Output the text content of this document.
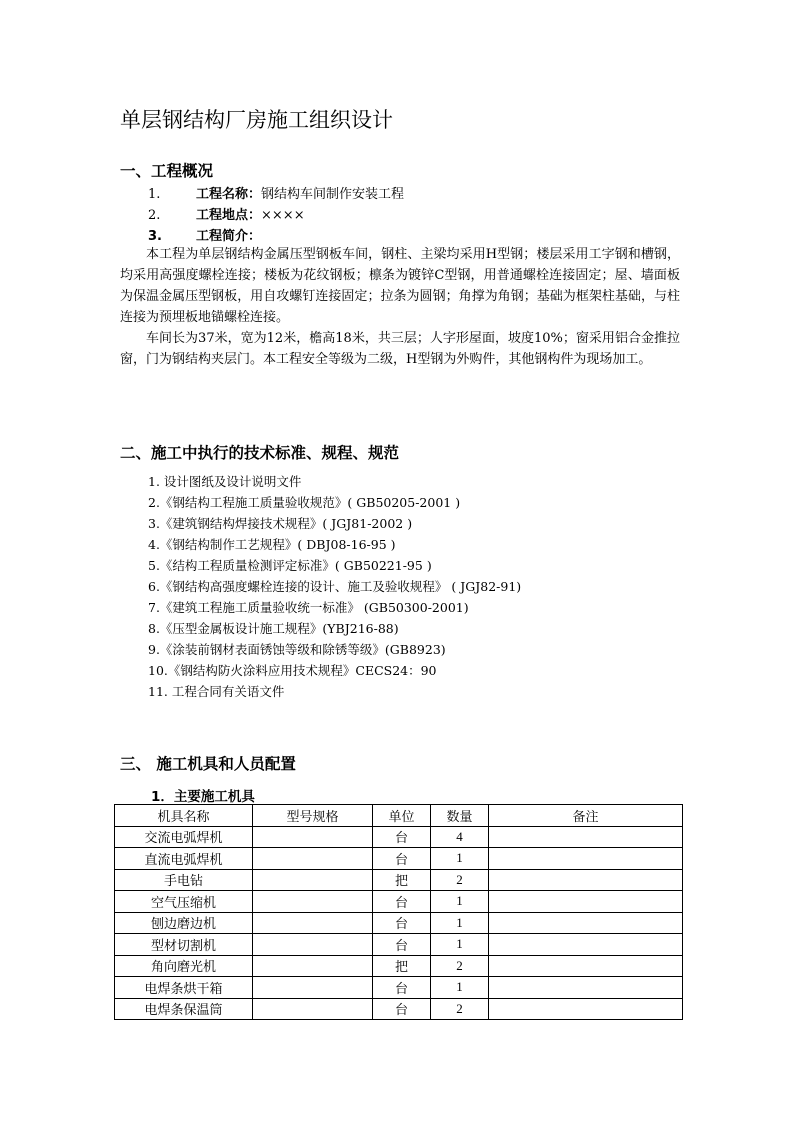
单层钢结构厂房施工组织设计
一、工程概况
1.	工程名称：钢结构车间制作安装工程
2.	工程地点：××××
3.	工程简介：
本工程为单层钢结构金属压型钢板车间，钢柱、主梁均采用H型钢；楼层采用工字钢和槽钢，均采用高强度螺栓连接；楼板为花纹钢板；檩条为镀锌C型钢，用普通螺栓连接固定；屋、墙面板为保温金属压型钢板，用自攻螺钉连接固定；拉条为圆钢；角撑为角钢；基础为框架柱基础，与柱连接为预埋板地锚螺栓连接。
车间长为37米，宽为12米，檐高18米，共三层；人字形屋面，坡度10%；窗采用铝合金推拉窗，门为钢结构夹层门。本工程安全等级为二级，H型钢为外购件，其他钢构件为现场加工。
二、施工中执行的技术标准、规程、规范
1. 设计图纸及设计说明文件
2.《钢结构工程施工质量验收规范》( GB50205-2001 )
3.《建筑钢结构焊接技术规程》( JGJ81-2002 )
4.《钢结构制作工艺规程》( DBJ08-16-95 )
5.《结构工程质量检测评定标准》( GB50221-95 )
6.《钢结构高强度螺栓连接的设计、施工及验收规程》 ( JGJ82-91)
7.《建筑工程施工质量验收统一标准》 (GB50300-2001)
8.《压型金属板设计施工规程》(YBJ216-88)
9.《涂装前钢材表面锈蚀等级和除锈等级》(GB8923)
10.《钢结构防火涂料应用技术规程》CECS24：90
11. 工程合同有关语文件
三、 施工机具和人员配置
1．主要施工机具
机具名称	型号规格	单位	数量	备注
交流电弧焊机		台	4	
直流电弧焊机		台	1	
手电钻		把	2	
空气压缩机		台	1	
刨边磨边机		台	1	
型材切割机		台	1	
角向磨光机		把	2	
电焊条烘干箱		台	1	
电焊条保温筒		台	2	
